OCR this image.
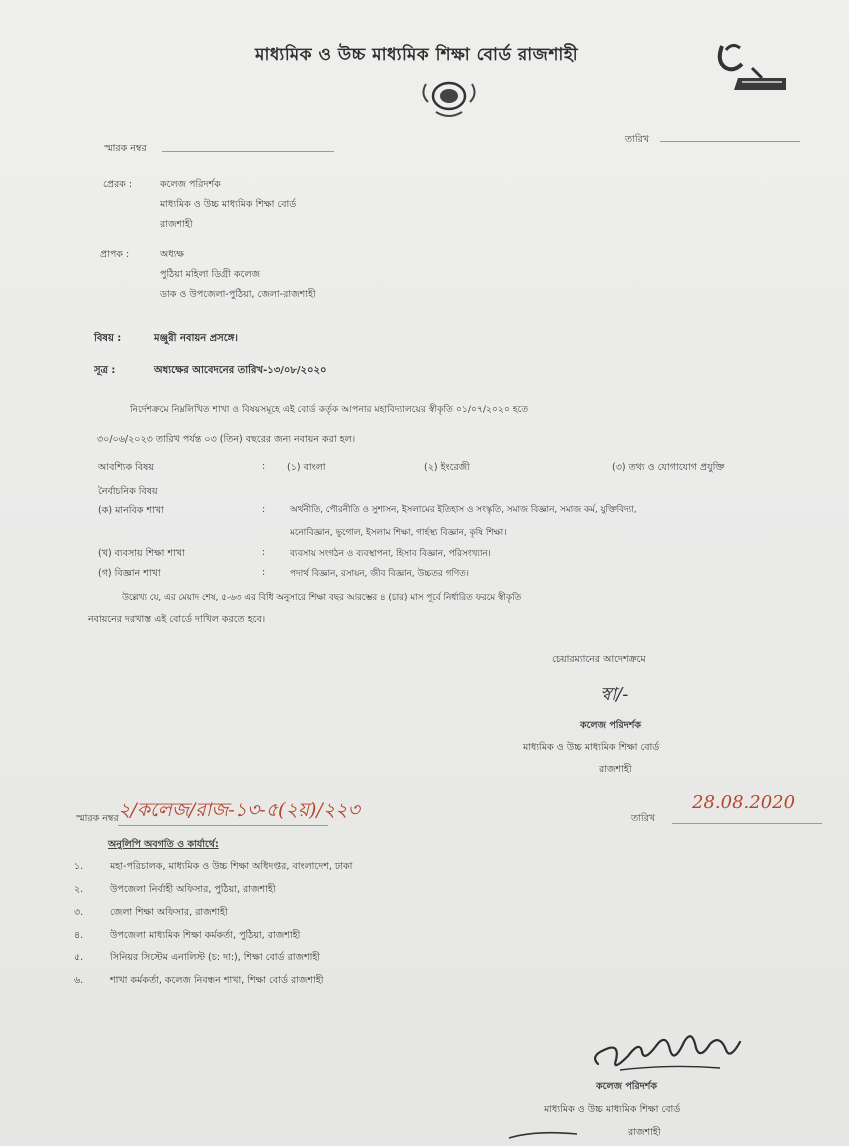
মাধ্যমিক ও উচ্চ মাধ্যমিক শিক্ষা বোর্ড রাজশাহী
স্মারক নম্বর
তারিখ
প্রেরক :	কলেজ পরিদর্শক
মাধ্যমিক ও উচ্চ মাধ্যমিক শিক্ষা বোর্ড
রাজশাহী
প্রাপক :	অধ্যক্ষ
পুঠিয়া মহিলা ডিগ্রী কলেজ
ডাক ও উপজেলা-পুঠিয়া, জেলা-রাজশাহী
বিষয় :	মঞ্জুরী নবায়ন প্রসঙ্গে।
সূত্র :	অধ্যক্ষের আবেদনের তারিখ-১৩/০৮/২০২০
নির্দেশক্রমে নিম্নলিখিত শাখা ও বিষয়সমূহে এই বোর্ড কর্তৃক আপনার মহাবিদ্যালয়ের স্বীকৃতি ০১/০৭/২০২০ হতে
৩০/০৬/২০২৩ তারিখ পর্যন্ত ০৩ (তিন) বছরের জন্য নবায়ন করা হল।
আবশ্যিক বিষয়	: (১) বাংলা	(২) ইংরেজী	(৩) তথ্য ও যোগাযোগ প্রযুক্তি
নৈর্বাচনিক বিষয়
(ক) মানবিক শাখা	:	অর্থনীতি, পৌরনীতি ও সুশাসন, ইসলামের ইতিহাস ও সংস্কৃতি, সমাজ বিজ্ঞান, সমাজ কর্ম, যুক্তিবিদ্যা,
মনোবিজ্ঞান, ভূগোল, ইসলাম শিক্ষা, গার্হস্থ্য বিজ্ঞান, কৃষি শিক্ষা।
(খ) ব্যবসায় শিক্ষা শাখা	:	ব্যবসায় সংগঠন ও ব্যবস্থাপনা, হিসাব বিজ্ঞান, পরিসংখ্যান।
(গ) বিজ্ঞান শাখা	:	পদার্থ বিজ্ঞান, রসায়ন, জীব বিজ্ঞান, উচ্চতর গণিত।
উল্লেখ্য যে, এর মেয়াদ শেষ, ৫-৬৩ এর বিধি অনুসারে শিক্ষা বছর আরম্ভের ৪ (চার) মাস পূর্বে নির্ধারিত ফরমে স্বীকৃতি
নবায়নের দরখাস্ত এই বোর্ডে দাখিল করতে হবে।
চেয়ারম্যানের আদেশক্রমে
স্বা/-
কলেজ পরিদর্শক
মাধ্যমিক ও উচ্চ মাধ্যমিক শিক্ষা বোর্ড
রাজশাহী
স্মারক নম্বর ২/কলেজ/রাজ-১৩-৫(২য়)/২২৩	তারিখ
28.08.2020
অনুলিপি অবগতি ও কার্যার্থে:
১.	মহা-পরিচালক, মাধ্যমিক ও উচ্চ শিক্ষা অধিদপ্তর, বাংলাদেশ, ঢাকা
২.	উপজেলা নির্বাহী অফিসার, পুঠিয়া, রাজশাহী
৩.	জেলা শিক্ষা অফিসার, রাজশাহী
৪.	উপজেলা মাধ্যমিক শিক্ষা কর্মকর্তা, পুঠিয়া, রাজশাহী
৫.	সিনিয়র সিস্টেম এনালিস্ট (চ: দা:), শিক্ষা বোর্ড রাজশাহী
৬.	শাখা কর্মকর্তা, কলেজ নিবন্ধন শাখা, শিক্ষা বোর্ড রাজশাহী
কলেজ পরিদর্শক
মাধ্যমিক ও উচ্চ মাধ্যমিক শিক্ষা বোর্ড
রাজশাহী
